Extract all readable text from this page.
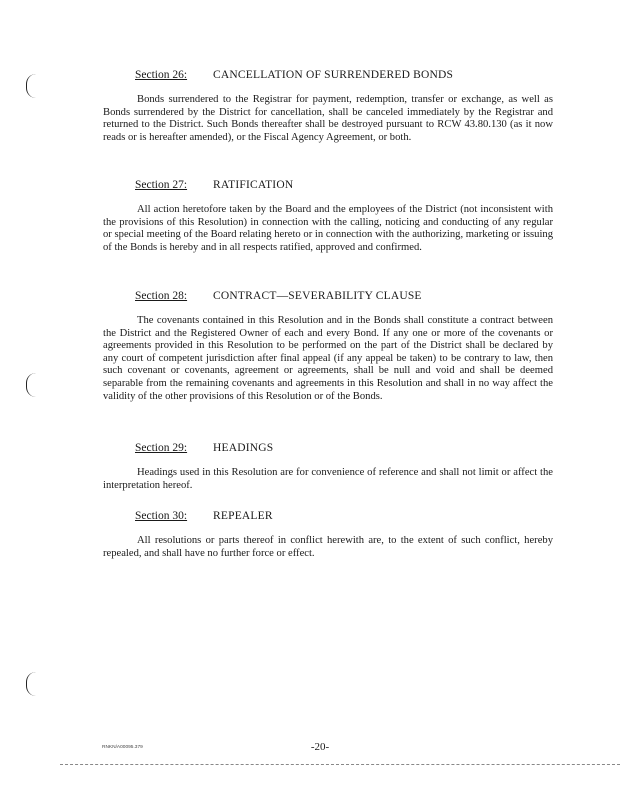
Section 26: CANCELLATION OF SURRENDERED BONDS
Bonds surrendered to the Registrar for payment, redemption, transfer or exchange, as well as Bonds surrendered by the District for cancellation, shall be canceled immediately by the Registrar and returned to the District. Such Bonds thereafter shall be destroyed pursuant to RCW 43.80.130 (as it now reads or is hereafter amended), or the Fiscal Agency Agreement, or both.
Section 27: RATIFICATION
All action heretofore taken by the Board and the employees of the District (not inconsistent with the provisions of this Resolution) in connection with the calling, noticing and conducting of any regular or special meeting of the Board relating hereto or in connection with the authorizing, marketing or issuing of the Bonds is hereby and in all respects ratified, approved and confirmed.
Section 28: CONTRACT—SEVERABILITY CLAUSE
The covenants contained in this Resolution and in the Bonds shall constitute a contract between the District and the Registered Owner of each and every Bond. If any one or more of the covenants or agreements provided in this Resolution to be performed on the part of the District shall be declared by any court of competent jurisdiction after final appeal (if any appeal be taken) to be contrary to law, then such covenant or covenants, agreement or agreements, shall be null and void and shall be deemed separable from the remaining covenants and agreements in this Resolution and shall in no way affect the validity of the other provisions of this Resolution or of the Bonds.
Section 29: HEADINGS
Headings used in this Resolution are for convenience of reference and shall not limit or affect the interpretation hereof.
Section 30: REPEALER
All resolutions or parts thereof in conflict herewith are, to the extent of such conflict, hereby repealed, and shall have no further force or effect.
RNKN/A00095.379	-20-
